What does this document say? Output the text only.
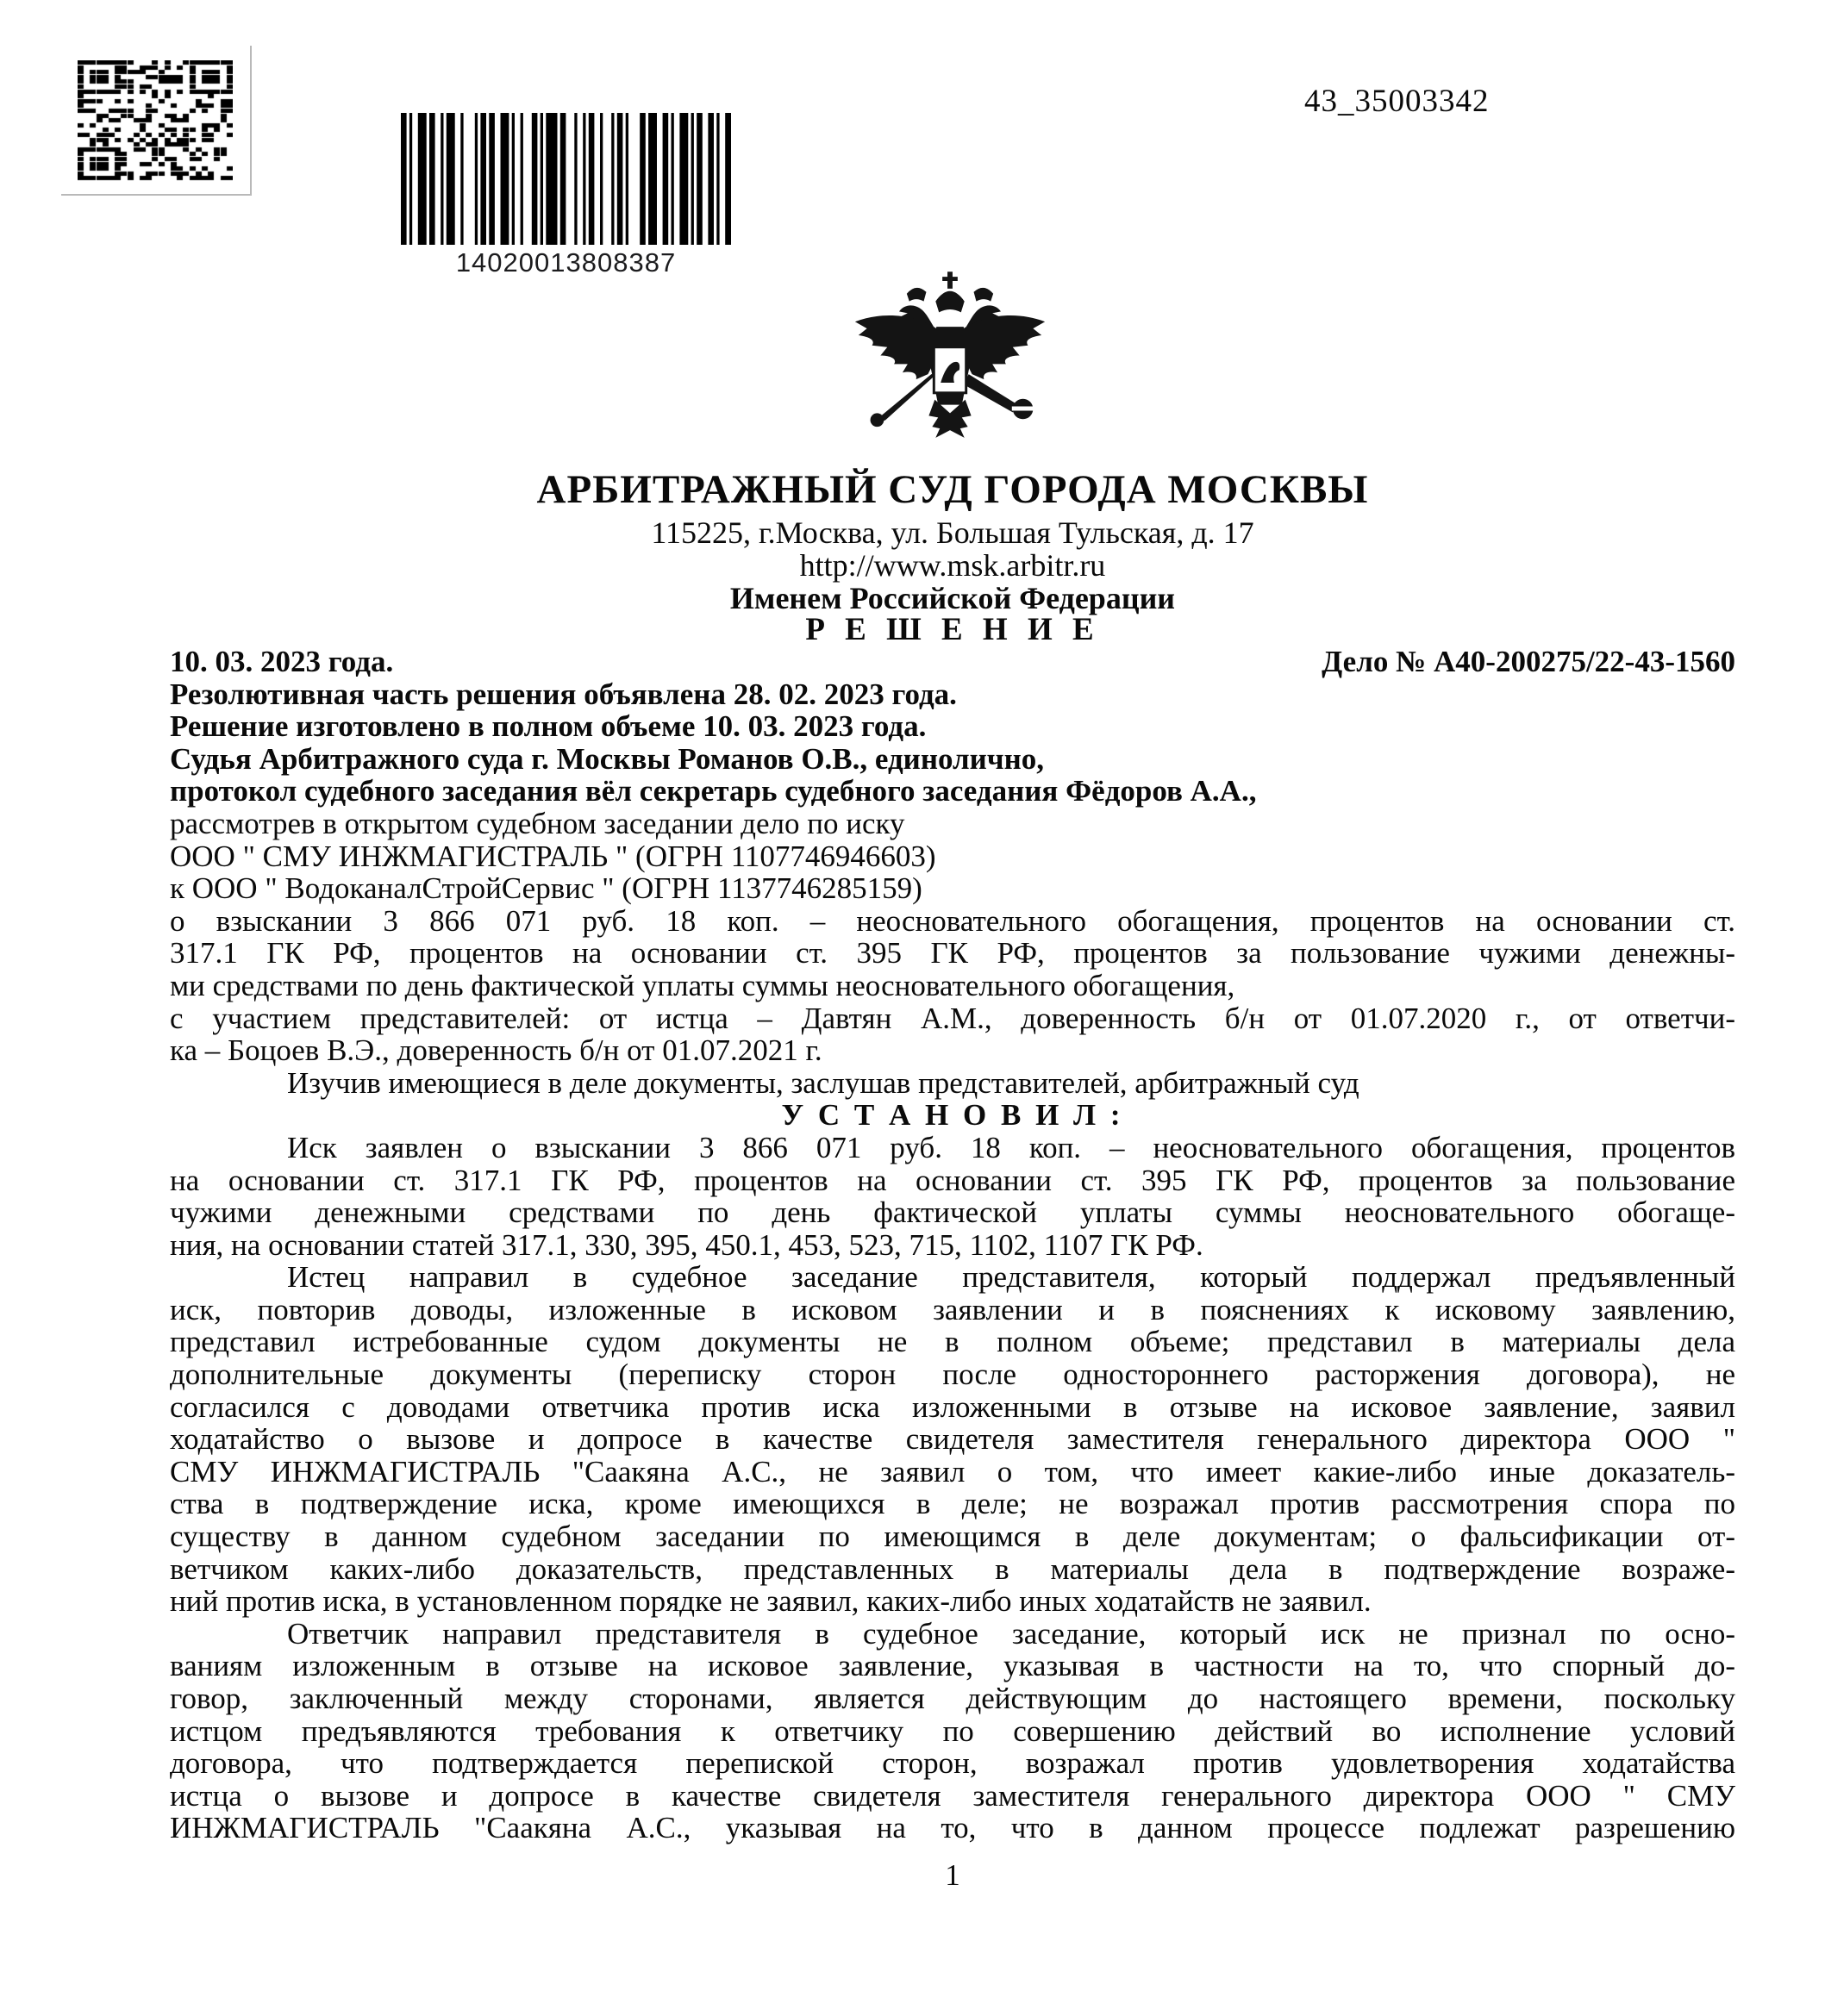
14020013808387
43_35003342
АРБИТРАЖНЫЙ СУД ГОРОДА МОСКВЫ
115225, г.Москва, ул. Большая Тульская, д. 17
http://www.msk.arbitr.ru
Именем Российской Федерации
Р Е Ш Е Н И Е
10. 03. 2023 года.	Дело № А40-200275/22-43-1560
Резолютивная часть решения объявлена 28. 02. 2023 года.
Решение изготовлено в полном объеме 10. 03. 2023 года.
Судья Арбитражного суда г. Москвы Романов О.В., единолично,
протокол судебного заседания вёл секретарь судебного заседания Фёдоров А.А.,
рассмотрев в открытом судебном заседании дело по иску
ООО " СМУ ИНЖМАГИСТРАЛЬ " (ОГРН 1107746946603)
к ООО " ВодоканалСтройСервис " (ОГРН 1137746285159)
о взыскании 3 866 071 руб. 18 коп. – неосновательного обогащения, процентов на основании ст.
317.1 ГК РФ, процентов на основании ст. 395 ГК РФ, процентов за пользование чужими денежны-
ми средствами по день фактической уплаты суммы неосновательного обогащения,
с участием представителей: от истца – Давтян А.М., доверенность б/н от 01.07.2020 г., от ответчи-
ка – Боцоев В.Э., доверенность б/н от 01.07.2021 г.
Изучив имеющиеся в деле документы, заслушав представителей, арбитражный суд
У С Т А Н О В И Л :
Иск заявлен о взыскании 3 866 071 руб. 18 коп. – неосновательного обогащения, процентов
на основании ст. 317.1 ГК РФ, процентов на основании ст. 395 ГК РФ, процентов за пользование
чужими денежными средствами по день фактической уплаты суммы неосновательного обогаще-
ния, на основании статей 317.1, 330, 395, 450.1, 453, 523, 715, 1102, 1107 ГК РФ.
Истец направил в судебное заседание представителя, который поддержал предъявленный
иск, повторив доводы, изложенные в исковом заявлении и в пояснениях к исковому заявлению,
представил истребованные судом документы не в полном объеме; представил в материалы дела
дополнительные документы (переписку сторон после одностороннего расторжения договора), не
согласился с доводами ответчика против иска изложенными в отзыве на исковое заявление, заявил
ходатайство о вызове и допросе в качестве свидетеля заместителя генерального директора ООО "
СМУ ИНЖМАГИСТРАЛЬ "Саакяна А.С., не заявил о том, что имеет какие-либо иные доказатель-
ства в подтверждение иска, кроме имеющихся в деле; не возражал против рассмотрения спора по
существу в данном судебном заседании по имеющимся в деле документам; о фальсификации от-
ветчиком каких-либо доказательств, представленных в материалы дела в подтверждение возраже-
ний против иска, в установленном порядке не заявил, каких-либо иных ходатайств не заявил.
Ответчик направил представителя в судебное заседание, который иск не признал по осно-
ваниям изложенным в отзыве на исковое заявление, указывая в частности на то, что спорный до-
говор, заключенный между сторонами, является действующим до настоящего времени, поскольку
истцом предъявляются требования к ответчику по совершению действий во исполнение условий
договора, что подтверждается перепиской сторон, возражал против удовлетворения ходатайства
истца о вызове и допросе в качестве свидетеля заместителя генерального директора ООО " СМУ
ИНЖМАГИСТРАЛЬ "Саакяна А.С., указывая на то, что в данном процессе подлежат разрешению
1
